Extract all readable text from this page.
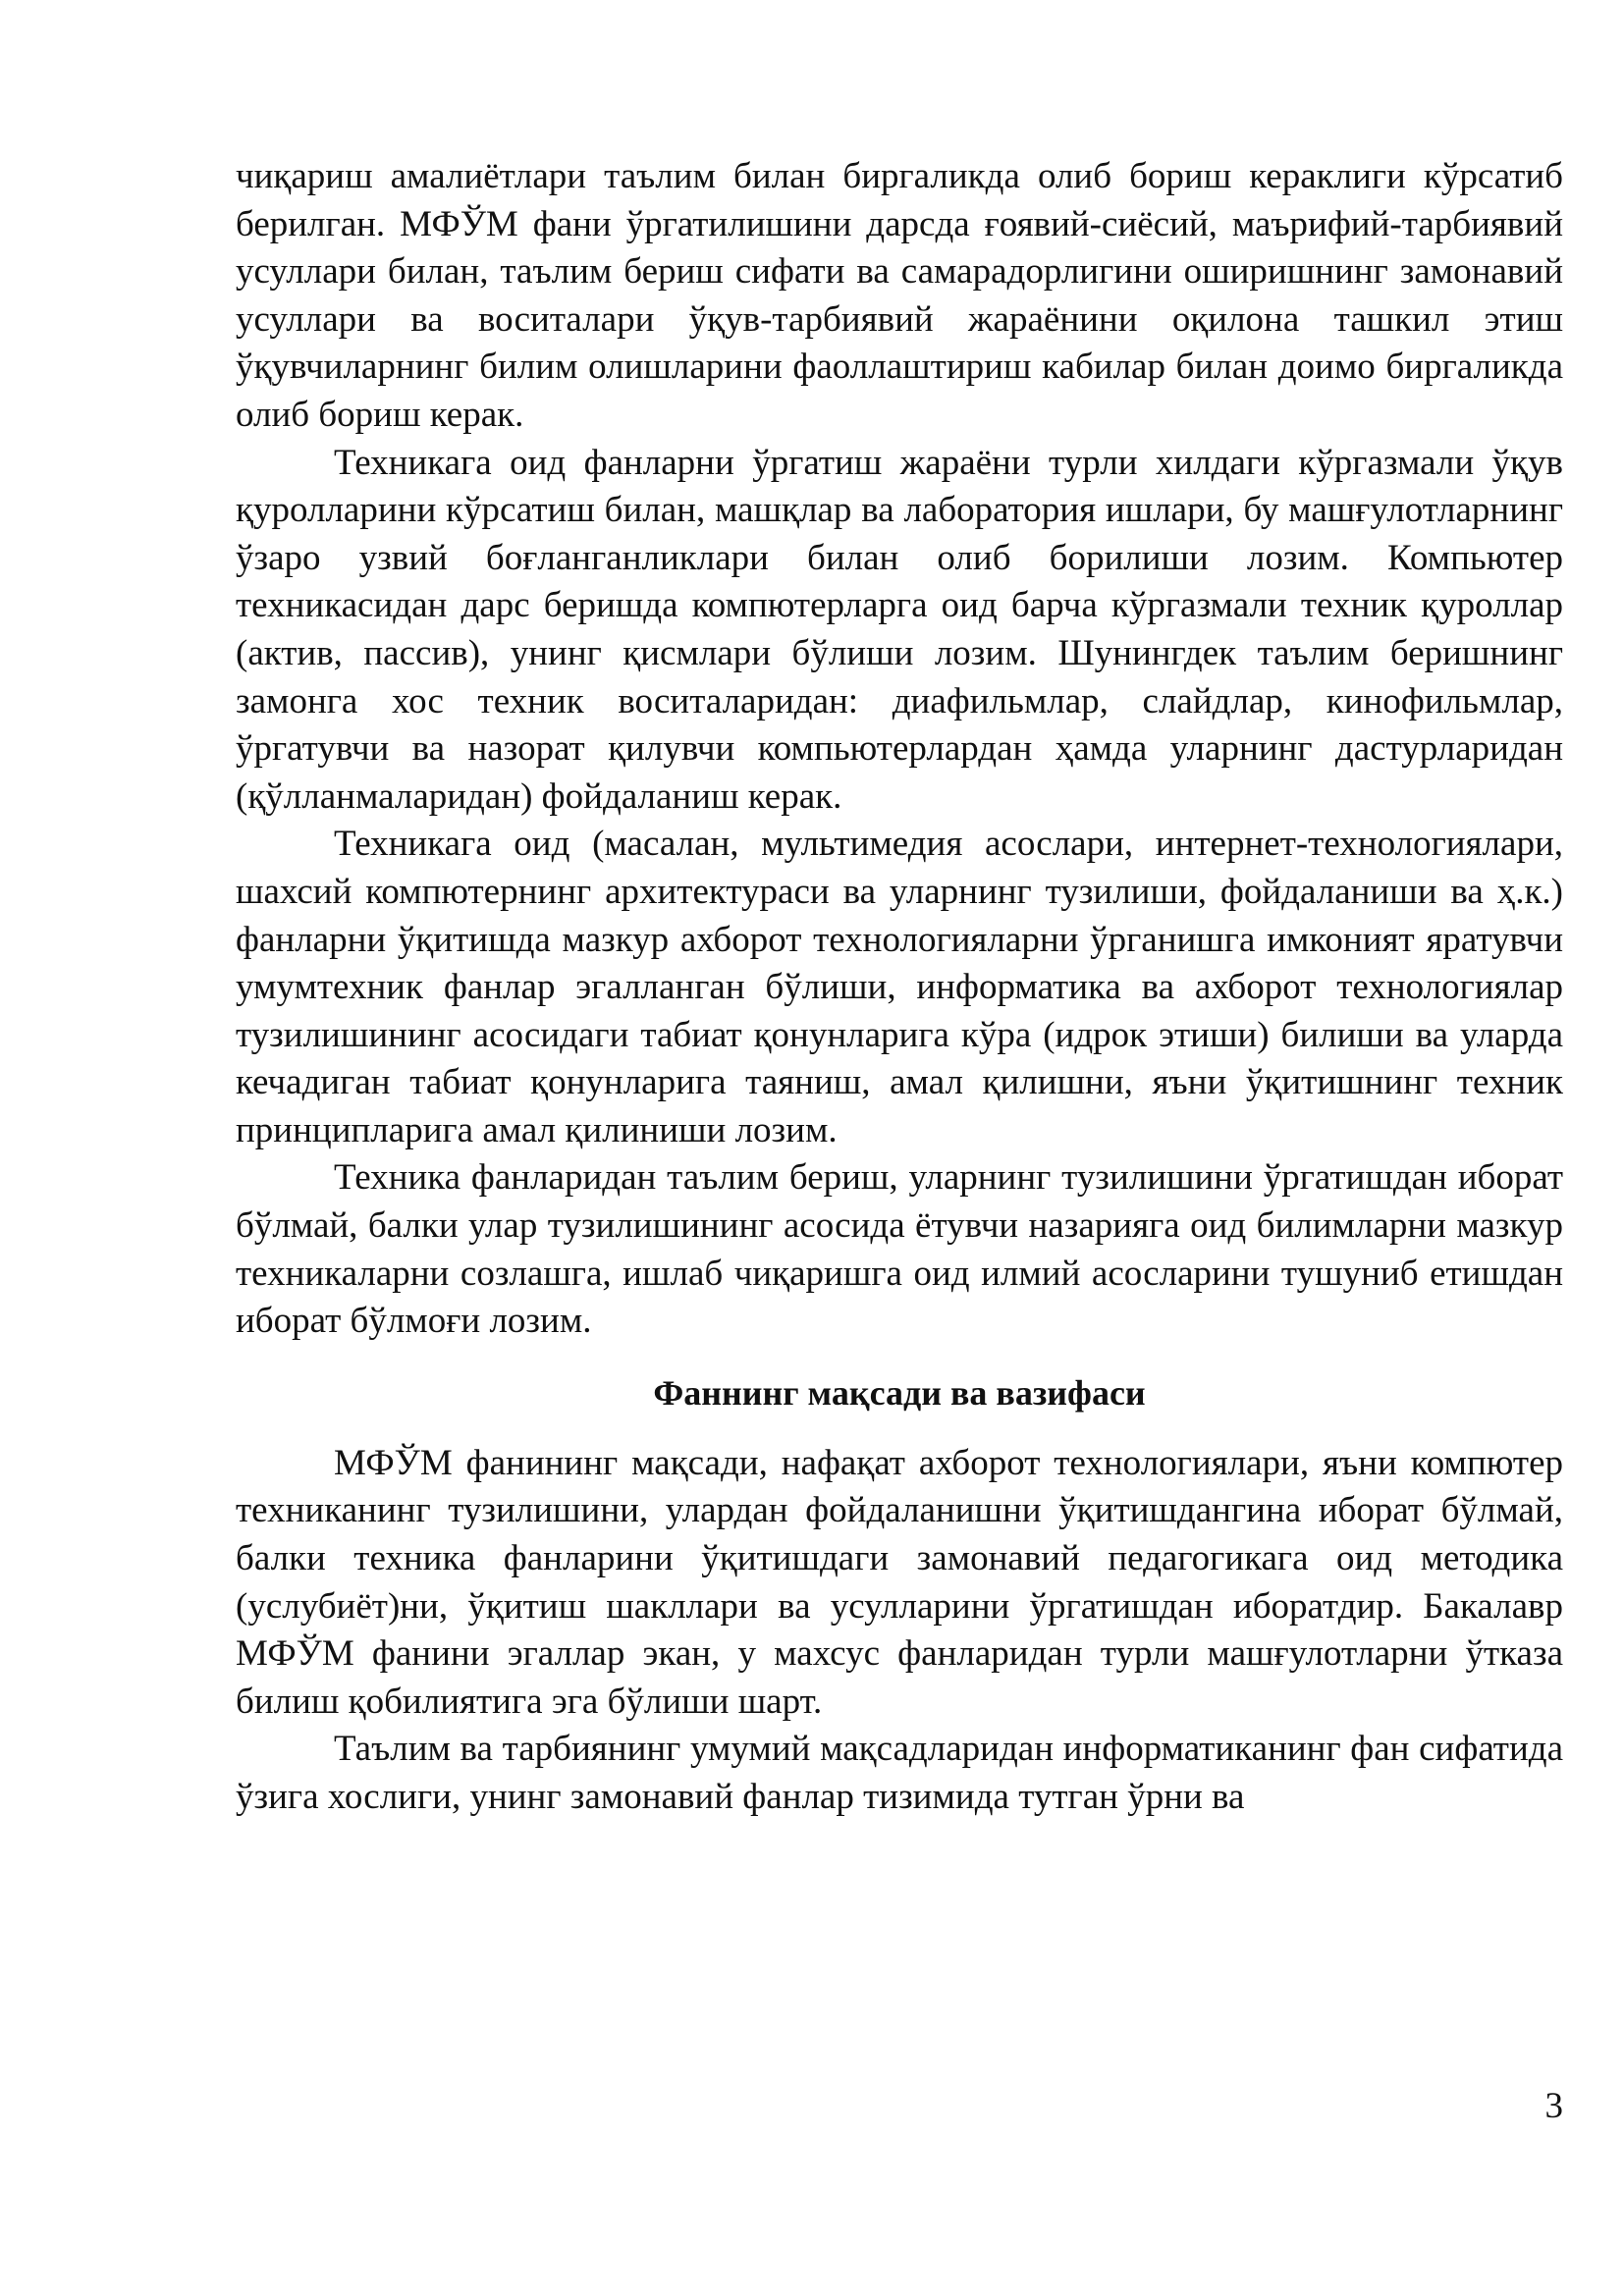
чиқариш амалиётлари таълим билан биргаликда олиб бориш кераклиги кўрсатиб берилган. МФЎМ фани ўргатилишини дарсда ғоявий-сиёсий, маърифий-тарбиявий усуллари билан, таълим бериш сифати ва самарадорлигини оширишнинг замонавий усуллари ва воситалари ўқув-тарбиявий жараёнини оқилона ташкил этиш ўқувчиларнинг билим олишларини фаоллаштириш кабилар билан доимо биргаликда олиб бориш керак.

Техникага оид фанларни ўргатиш жараёни турли хилдаги кўргазмали ўқув қуролларини кўрсатиш билан, машқлар ва лаборатория ишлари, бу машғулотларнинг ўзаро узвий боғланганликлари билан олиб борилиши лозим. Компьютер техникасидан дарс беришда компютерларга оид барча кўргазмали техник қуроллар (актив, пассив), унинг қисмлари бўлиши лозим. Шунингдек таълим беришнинг замонга хос техник воситаларидан: диафильмлар, слайдлар, кинофильмлар, ўргатувчи ва назорат қилувчи компьютерлардан ҳамда уларнинг дастурларидан (қўлланмаларидан) фойдаланиш керак.

Техникага оид (масалан, мультимедия асослари, интернет-технологиялари, шахсий компютернинг архитектураси ва уларнинг тузилиши, фойдаланиши ва ҳ.к.) фанларни ўқитишда мазкур ахборот технологияларни ўрганишга имконият яратувчи умумтехник фанлар эгалланган бўлиши, информатика ва ахборот технологиялар тузилишининг асосидаги табиат қонунларига кўра (идрок этиши) билиши ва уларда кечадиган табиат қонунларига таяниш, амал қилишни, яъни ўқитишнинг техник принципларига амал қилиниши лозим.

Техника фанларидан таълим бериш, уларнинг тузилишини ўргатишдан иборат бўлмай, балки улар тузилишининг асосида ётувчи назарияга оид билимларни мазкур техникаларни созлашга, ишлаб чиқаришга оид илмий асосларини тушуниб етишдан иборат бўлмоғи лозим.

Фаннинг мақсади ва вазифаси

МФЎМ фанининг мақсади, нафақат ахборот технологиялари, яъни компютер техниканинг тузилишини, улардан фойдаланишни ўқитишдангина иборат бўлмай, балки техника фанларини ўқитишдаги замонавий педагогикага оид методика (услубиёт)ни, ўқитиш шакллари ва усулларини ўргатишдан иборатдир. Бакалавр МФЎМ фанини эгаллар экан, у махсус фанларидан турли машғулотларни ўтказа билиш қобилиятига эга бўлиши шарт.

Таълим ва тарбиянинг умумий мақсадларидан информатиканинг фан сифатида ўзига хослиги, унинг замонавий фанлар тизимида тутган ўрни ва

3
